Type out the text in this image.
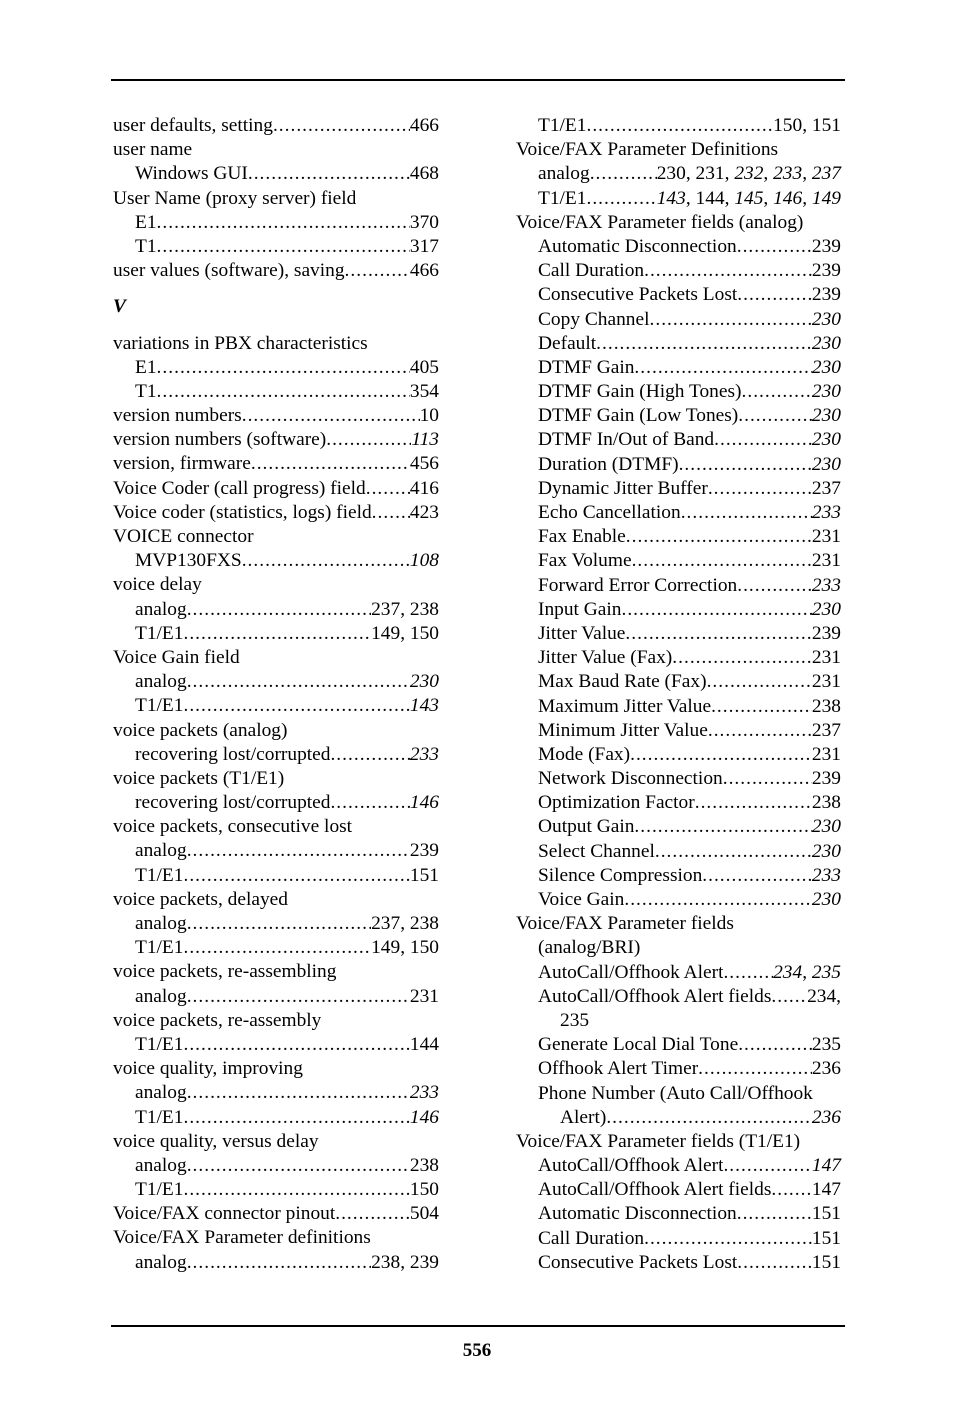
user defaults, setting .....	466
user name
Windows GUI .....	468
User Name (proxy server) field
E1 .....	370
T1 .....	317
user values (software), saving .....	466
V
variations in PBX characteristics
E1 .....	405
T1 .....	354
version numbers .....	10
version numbers (software) .....	113
version, firmware .....	456
Voice Coder (call progress) field ..... 416
Voice coder (statistics, logs) field ..... 423
VOICE connector
MVP130FXS .....	108
voice delay
analog .....	237, 238
T1/E1 .....	149, 150
Voice Gain field
analog .....	230
T1/E1 .....	143
voice packets (analog)
recovering lost/corrupted .....	233
voice packets (T1/E1)
recovering lost/corrupted .....	146
voice packets, consecutive lost
analog .....	239
T1/E1 .....	151
voice packets, delayed
analog .....	237, 238
T1/E1 .....	149, 150
voice packets, re-assembling
analog .....	231
voice packets, re-assembly
T1/E1 .....	144
voice quality, improving
analog .....	233
T1/E1 .....	146
voice quality, versus delay
analog .....	238
T1/E1 .....	150
Voice/FAX connector pinout .....	504
Voice/FAX Parameter definitions
analog .....	238, 239
T1/E1 .....	150, 151
Voice/FAX Parameter Definitions
analog .....	230, 231, 232, 233, 237
T1/E1 .....	143, 144, 145, 146, 149
Voice/FAX Parameter fields (analog)
Automatic Disconnection .....	239
Call Duration .....	239
Consecutive Packets Lost .....	239
Copy Channel .....	230
Default .....	230
DTMF Gain .....	230
DTMF Gain (High Tones) .....	230
DTMF Gain (Low Tones) .....	230
DTMF In/Out of Band .....	230
Duration (DTMF) .....	230
Dynamic Jitter Buffer .....	237
Echo Cancellation .....	233
Fax Enable .....	231
Fax Volume .....	231
Forward Error Correction .....	233
Input Gain .....	230
Jitter Value .....	239
Jitter Value (Fax) .....	231
Max Baud Rate (Fax) .....	231
Maximum Jitter Value .....	238
Minimum Jitter Value .....	237
Mode (Fax) .....	231
Network Disconnection .....	239
Optimization Factor .....	238
Output Gain .....	230
Select Channel .....	230
Silence Compression .....	233
Voice Gain .....	230
Voice/FAX Parameter fields
(analog/BRI)
AutoCall/Offhook Alert .....	234, 235
AutoCall/Offhook Alert fields ..... 234,
235
Generate Local Dial Tone .....	235
Offhook Alert Timer .....	236
Phone Number (Auto Call/Offhook
Alert) .....	236
Voice/FAX Parameter fields (T1/E1)
AutoCall/Offhook Alert .....	147
AutoCall/Offhook Alert fields ..... 147
Automatic Disconnection .....	151
Call Duration .....	151
Consecutive Packets Lost .....	151
556
